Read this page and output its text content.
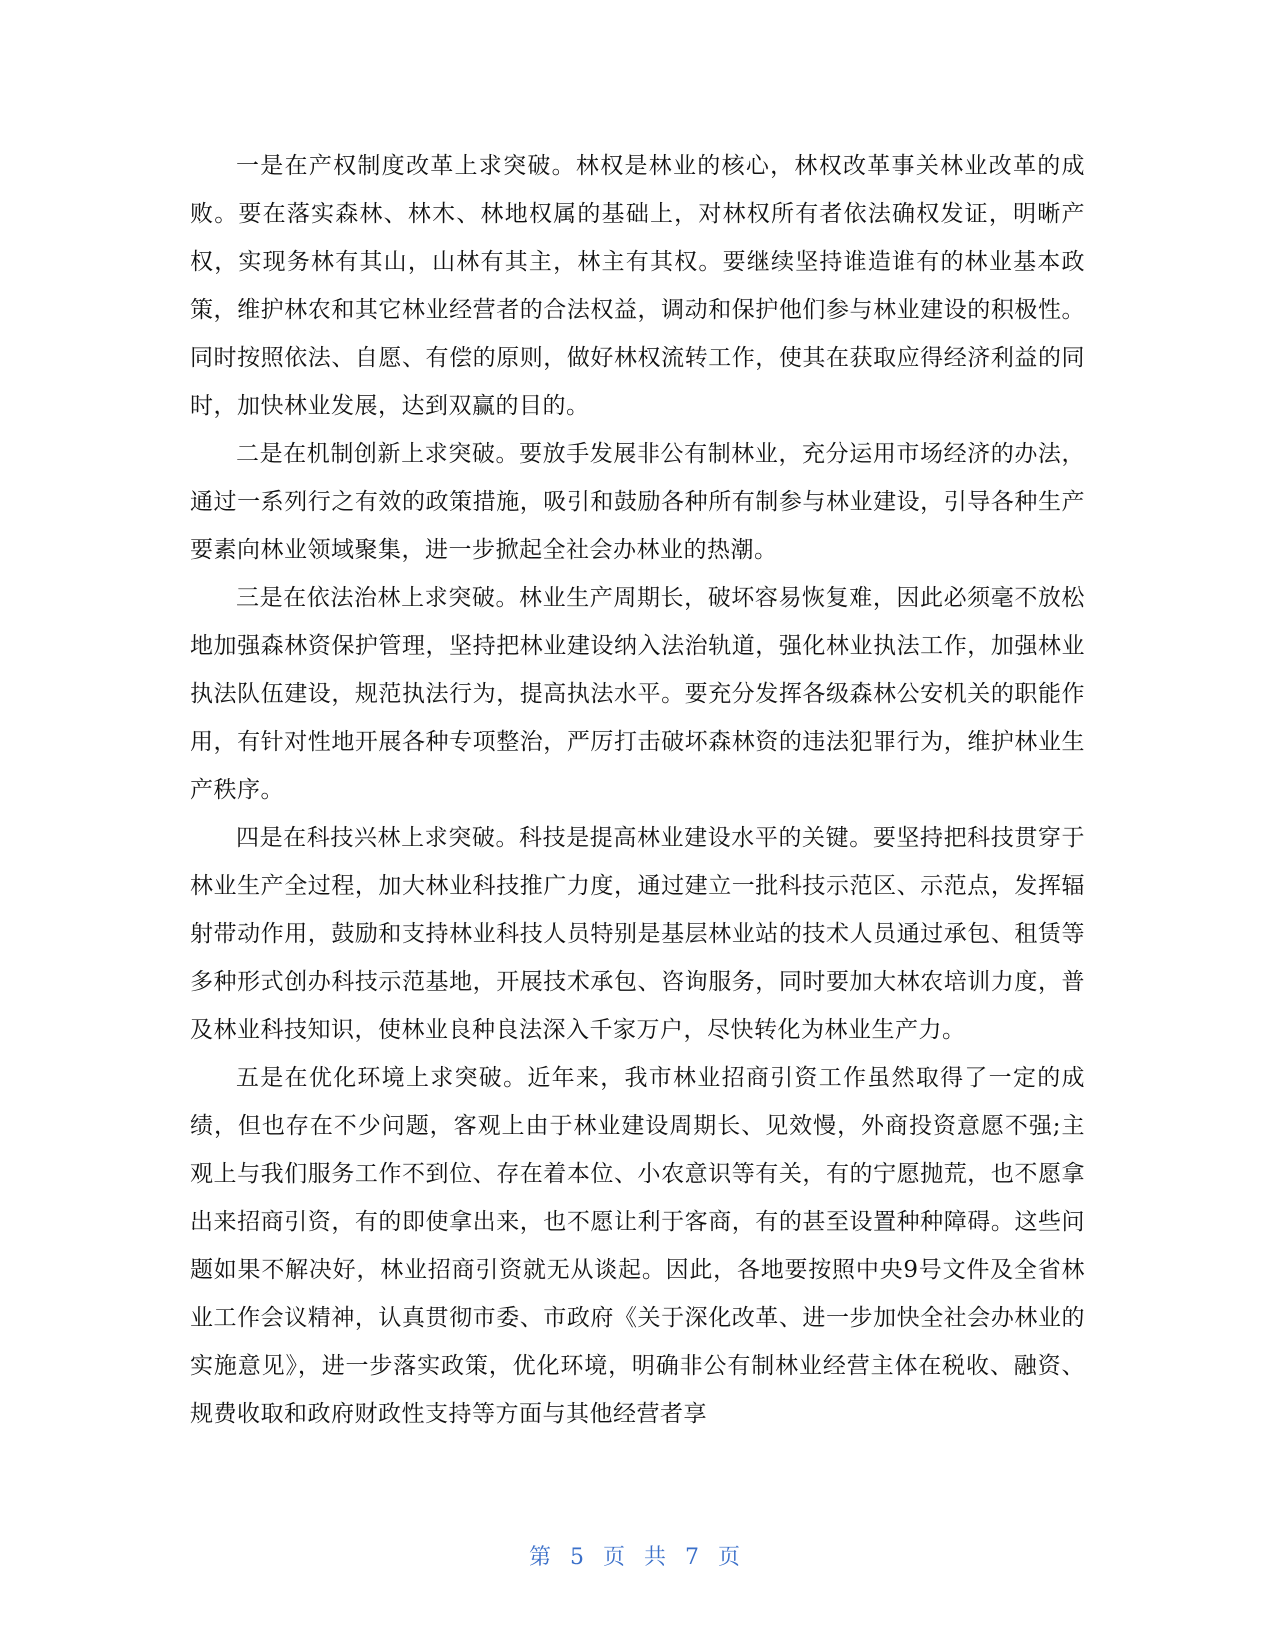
一是在产权制度改革上求突破。林权是林业的核心，林权改革事关林业改革的成败。要在落实森林、林木、林地权属的基础上，对林权所有者依法确权发证，明晰产权，实现务林有其山，山林有其主，林主有其权。要继续坚持谁造谁有的林业基本政策，维护林农和其它林业经营者的合法权益，调动和保护他们参与林业建设的积极性。同时按照依法、自愿、有偿的原则，做好林权流转工作，使其在获取应得经济利益的同时，加快林业发展，达到双赢的目的。

二是在机制创新上求突破。要放手发展非公有制林业，充分运用市场经济的办法，通过一系列行之有效的政策措施，吸引和鼓励各种所有制参与林业建设，引导各种生产要素向林业领域聚集，进一步掀起全社会办林业的热潮。

三是在依法治林上求突破。林业生产周期长，破坏容易恢复难，因此必须毫不放松地加强森林资保护管理，坚持把林业建设纳入法治轨道，强化林业执法工作，加强林业执法队伍建设，规范执法行为，提高执法水平。要充分发挥各级森林公安机关的职能作用，有针对性地开展各种专项整治，严厉打击破坏森林资的违法犯罪行为，维护林业生产秩序。

四是在科技兴林上求突破。科技是提高林业建设水平的关键。要坚持把科技贯穿于林业生产全过程，加大林业科技推广力度，通过建立一批科技示范区、示范点，发挥辐射带动作用，鼓励和支持林业科技人员特别是基层林业站的技术人员通过承包、租赁等多种形式创办科技示范基地，开展技术承包、咨询服务，同时要加大林农培训力度，普及林业科技知识，使林业良种良法深入千家万户，尽快转化为林业生产力。

五是在优化环境上求突破。近年来，我市林业招商引资工作虽然取得了一定的成绩，但也存在不少问题，客观上由于林业建设周期长、见效慢，外商投资意愿不强;主观上与我们服务工作不到位、存在着本位、小农意识等有关，有的宁愿抛荒，也不愿拿出来招商引资，有的即使拿出来，也不愿让利于客商，有的甚至设置种种障碍。这些问题如果不解决好，林业招商引资就无从谈起。因此，各地要按照中央9号文件及全省林业工作会议精神，认真贯彻市委、市政府《关于深化改革、进一步加快全社会办林业的实施意见》，进一步落实政策，优化环境，明确非公有制林业经营主体在税收、融资、规费收取和政府财政性支持等方面与其他经营者享

第 5 页 共 7 页
